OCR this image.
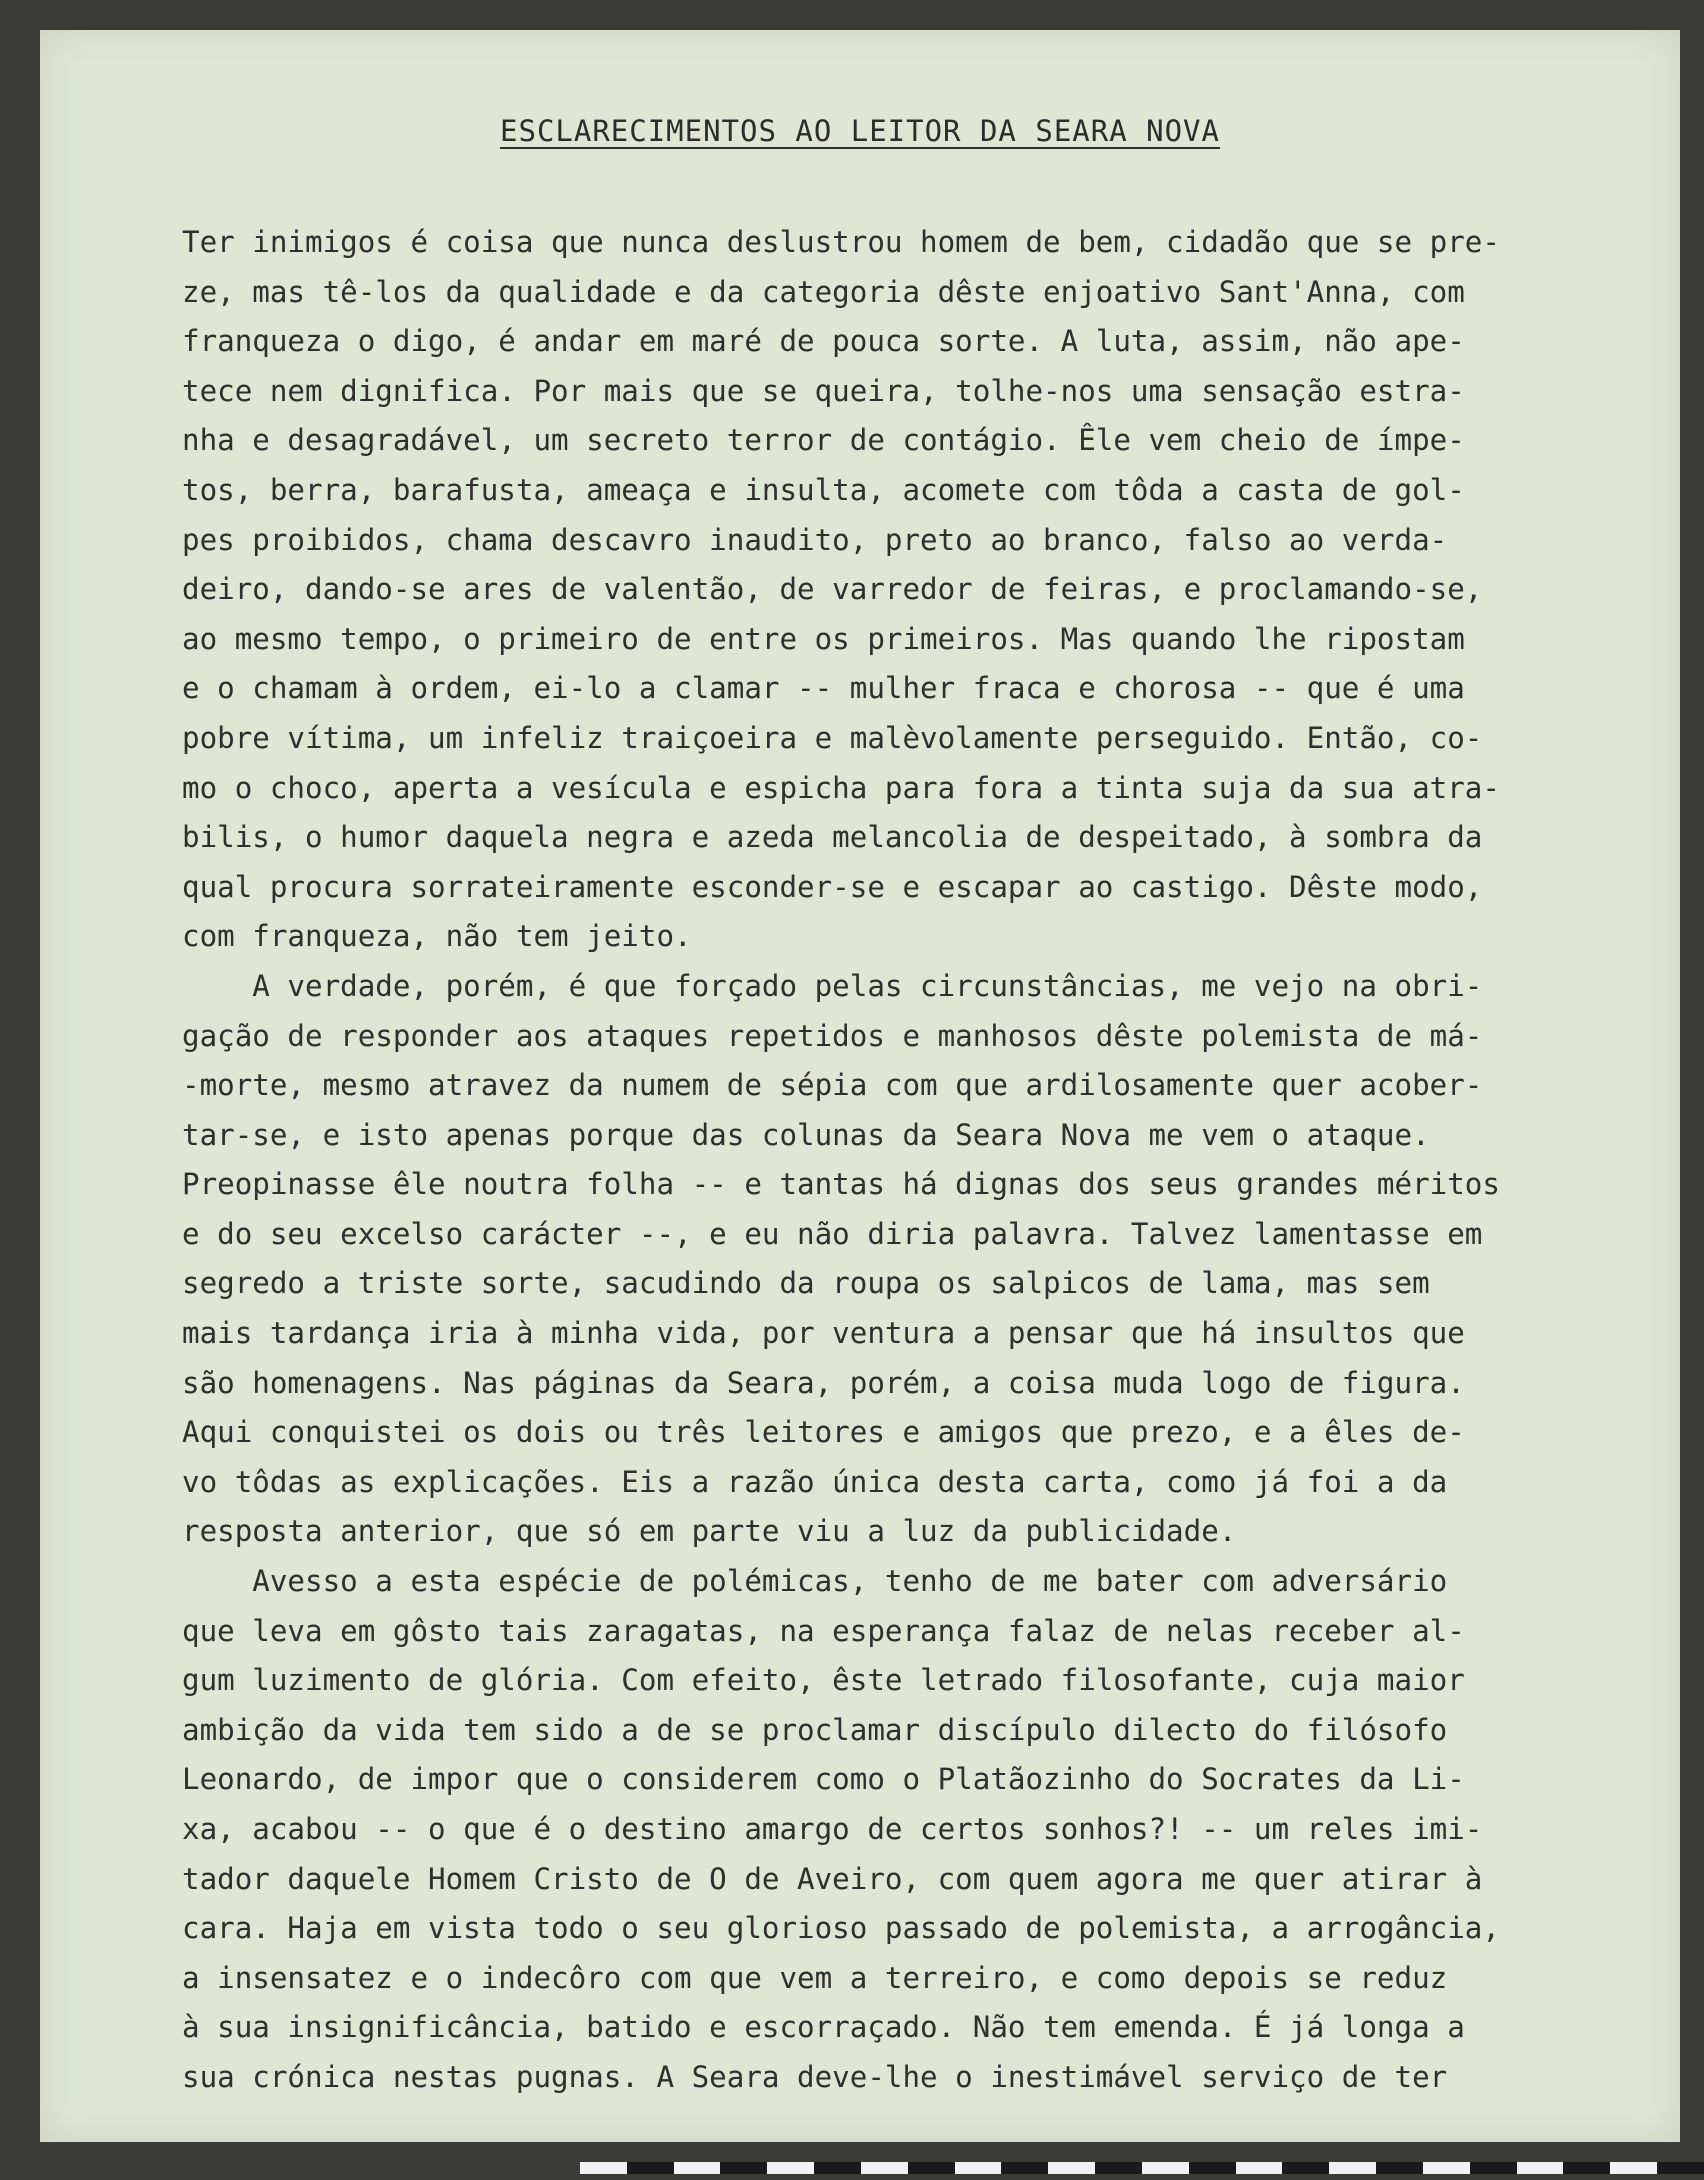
ESCLARECIMENTOS AO LEITOR DA SEARA NOVA
Ter inimigos é coisa que nunca deslustrou homem de bem, cidadão que se pre-
ze, mas tê-los da qualidade e da categoria dêste enjoativo Sant'Anna, com
franqueza o digo, é andar em maré de pouca sorte. A luta, assim, não ape-
tece nem dignifica. Por mais que se queira, tolhe-nos uma sensação estra-
nha e desagradável, um secreto terror de contágio. Êle vem cheio de ímpe-
tos, berra, barafusta, ameaça e insulta, acomete com tôda a casta de gol-
pes proibidos, chama descavro inaudito, preto ao branco, falso ao verda-
deiro, dando-se ares de valentão, de varredor de feiras, e proclamando-se,
ao mesmo tempo, o primeiro de entre os primeiros. Mas quando lhe ripostam
e o chamam à ordem, ei-lo a clamar -- mulher fraca e chorosa -- que é uma
pobre vítima, um infeliz traiçoeira e malèvolamente perseguido. Então, co-
mo o choco, aperta a vesícula e espicha para fora a tinta suja da sua atra-
bilis, o humor daquela negra e azeda melancolia de despeitado, à sombra da
qual procura sorrateiramente esconder-se e escapar ao castigo. Dêste modo,
com franqueza, não tem jeito.
A verdade, porém, é que forçado pelas circunstâncias, me vejo na obri-
gação de responder aos ataques repetidos e manhosos dêste polemista de má-
-morte, mesmo atravez da numem de sépia com que ardilosamente quer acober-
tar-se, e isto apenas porque das colunas da Seara Nova me vem o ataque.
Preopinasse êle noutra folha -- e tantas há dignas dos seus grandes méritos
e do seu excelso carácter --, e eu não diria palavra. Talvez lamentasse em
segredo a triste sorte, sacudindo da roupa os salpicos de lama, mas sem
mais tardança iria à minha vida, por ventura a pensar que há insultos que
são homenagens. Nas páginas da Seara, porém, a coisa muda logo de figura.
Aqui conquistei os dois ou três leitores e amigos que prezo, e a êles de-
vo tôdas as explicações. Eis a razão única desta carta, como já foi a da
resposta anterior, que só em parte viu a luz da publicidade.
Avesso a esta espécie de polémicas, tenho de me bater com adversário
que leva em gôsto tais zaragatas, na esperança falaz de nelas receber al-
gum luzimento de glória. Com efeito, êste letrado filosofante, cuja maior
ambição da vida tem sido a de se proclamar discípulo dilecto do filósofo
Leonardo, de impor que o considerem como o Platãozinho do Socrates da Li-
xa, acabou -- o que é o destino amargo de certos sonhos?! -- um reles imi-
tador daquele Homem Cristo de O de Aveiro, com quem agora me quer atirar à
cara. Haja em vista todo o seu glorioso passado de polemista, a arrogância,
a insensatez e o indecôro com que vem a terreiro, e como depois se reduz
à sua insignificância, batido e escorraçado. Não tem emenda. É já longa a
sua crónica nestas pugnas. A Seara deve-lhe o inestimável serviço de ter
